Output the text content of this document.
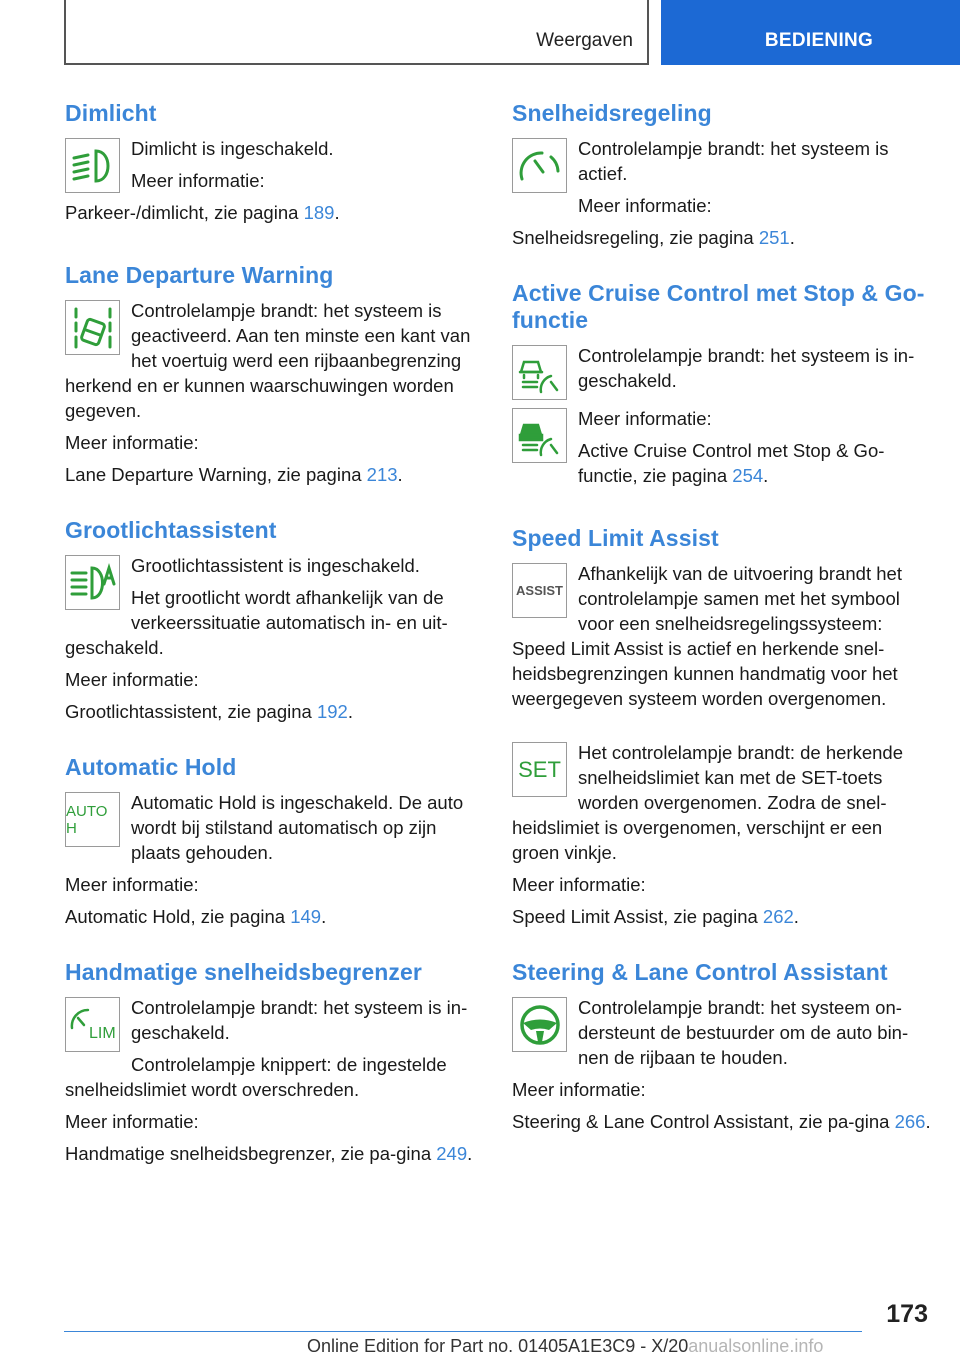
Weergaven	BEDIENING
Dimlicht

Dimlicht is ingeschakeld.

Meer informatie:

Parkeer-/dimlicht, zie pagina 189.

Lane Departure Warning

Controlelampje brandt: het systeem is geactiveerd. Aan ten minste een kant van het voertuig werd een rijbaanbegrenzing herkend en er kunnen waarschuwingen worden gegeven.

Meer informatie:

Lane Departure Warning, zie pagina 213.

Grootlichtassistent

Grootlichtassistent is ingeschakeld.

Het grootlicht wordt afhankelijk van de verkeerssituatie automatisch in- en uit-geschakeld.

Meer informatie:

Grootlichtassistent, zie pagina 192.

Automatic Hold
AUTO H

Automatic Hold is ingeschakeld. De auto wordt bij stilstand automatisch op zijn plaats gehouden.

Meer informatie:

Automatic Hold, zie pagina 149.

Handmatige snelheidsbegrenzer
LIM

Controlelampje brandt: het systeem is in-geschakeld.

Controlelampje knippert: de ingestelde snelheidslimiet wordt overschreden.

Meer informatie:

Handmatige snelheidsbegrenzer, zie pa-gina 249.

Snelheidsregeling

Controlelampje brandt: het systeem is actief.

Meer informatie:

Snelheidsregeling, zie pagina 251.

Active Cruise Control met Stop & Go-functie

Controlelampje brandt: het systeem is in-geschakeld.

Meer informatie:

Active Cruise Control met Stop & Go-functie, zie pagina 254.

Speed Limit Assist
ASSIST

Afhankelijk van de uitvoering brandt het controlelampje samen met het symbool voor een snelheidsregelingssysteem: Speed Limit Assist is actief en herkende snel-heidsbegrenzingen kunnen handmatig voor het weergegeven systeem worden overgenomen.

SET

Het controlelampje brandt: de herkende snelheidslimiet kan met de SET-toets worden overgenomen. Zodra de snel-heidslimiet is overgenomen, verschijnt er een groen vinkje.

Meer informatie:

Speed Limit Assist, zie pagina 262.

Steering & Lane Control Assistant

Controlelampje brandt: het systeem on-dersteunt de bestuurder om de auto bin-nen de rijbaan te houden.

Meer informatie:

Steering & Lane Control Assistant, zie pa-gina 266.

173
Online Edition for Part no. 01405A1E3C9 - X/20anualsonline.info
